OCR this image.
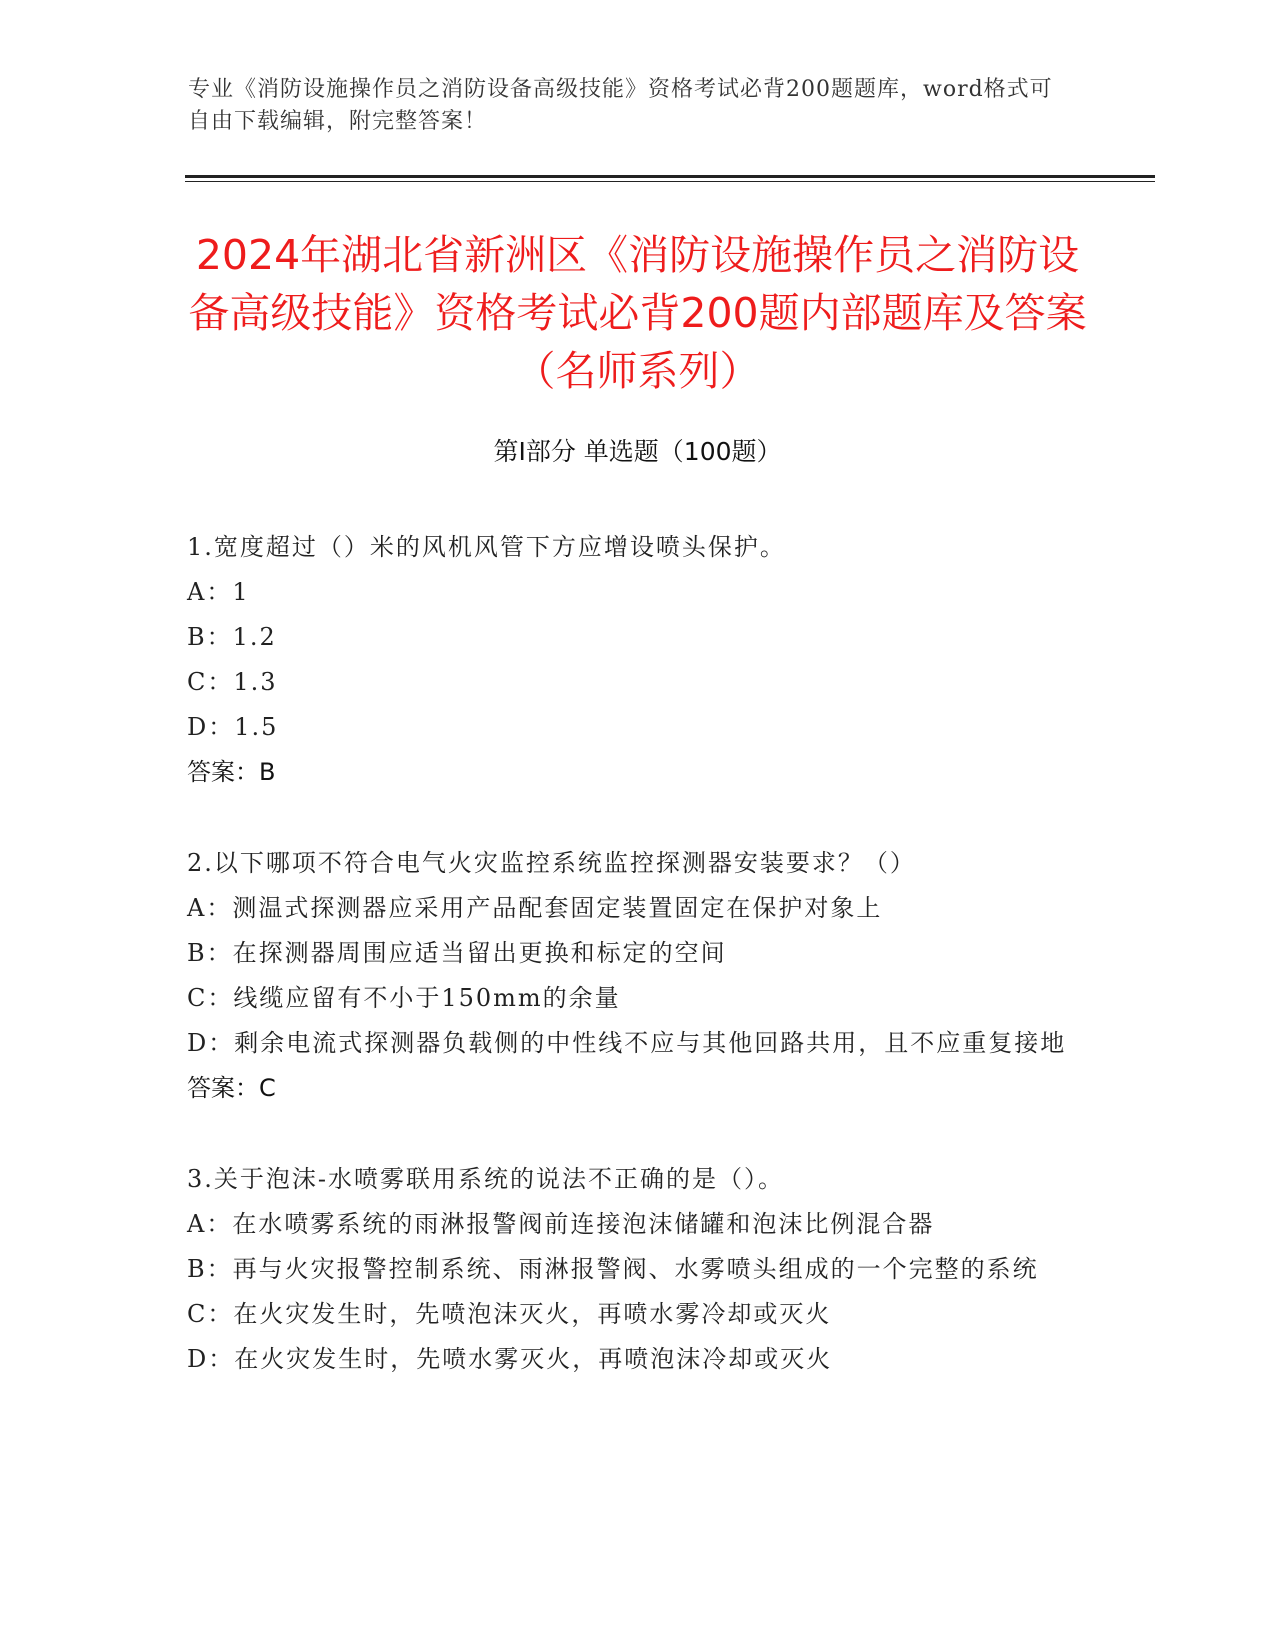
专业《消防设施操作员之消防设备高级技能》资格考试必背200题题库，word格式可自由下载编辑，附完整答案！
2024年湖北省新洲区《消防设施操作员之消防设备高级技能》资格考试必背200题内部题库及答案（名师系列）
第I部分 单选题（100题）
1.宽度超过（）米的风机风管下方应增设喷头保护。
A：1
B：1.2
C：1.3
D：1.5
答案：B
2.以下哪项不符合电气火灾监控系统监控探测器安装要求？（）
A：测温式探测器应采用产品配套固定装置固定在保护对象上
B：在探测器周围应适当留出更换和标定的空间
C：线缆应留有不小于150mm的余量
D：剩余电流式探测器负载侧的中性线不应与其他回路共用，且不应重复接地
答案：C
3.关于泡沫-水喷雾联用系统的说法不正确的是（）。
A：在水喷雾系统的雨淋报警阀前连接泡沫储罐和泡沫比例混合器
B：再与火灾报警控制系统、雨淋报警阀、水雾喷头组成的一个完整的系统
C：在火灾发生时，先喷泡沫灭火，再喷水雾冷却或灭火
D：在火灾发生时，先喷水雾灭火，再喷泡沫冷却或灭火
